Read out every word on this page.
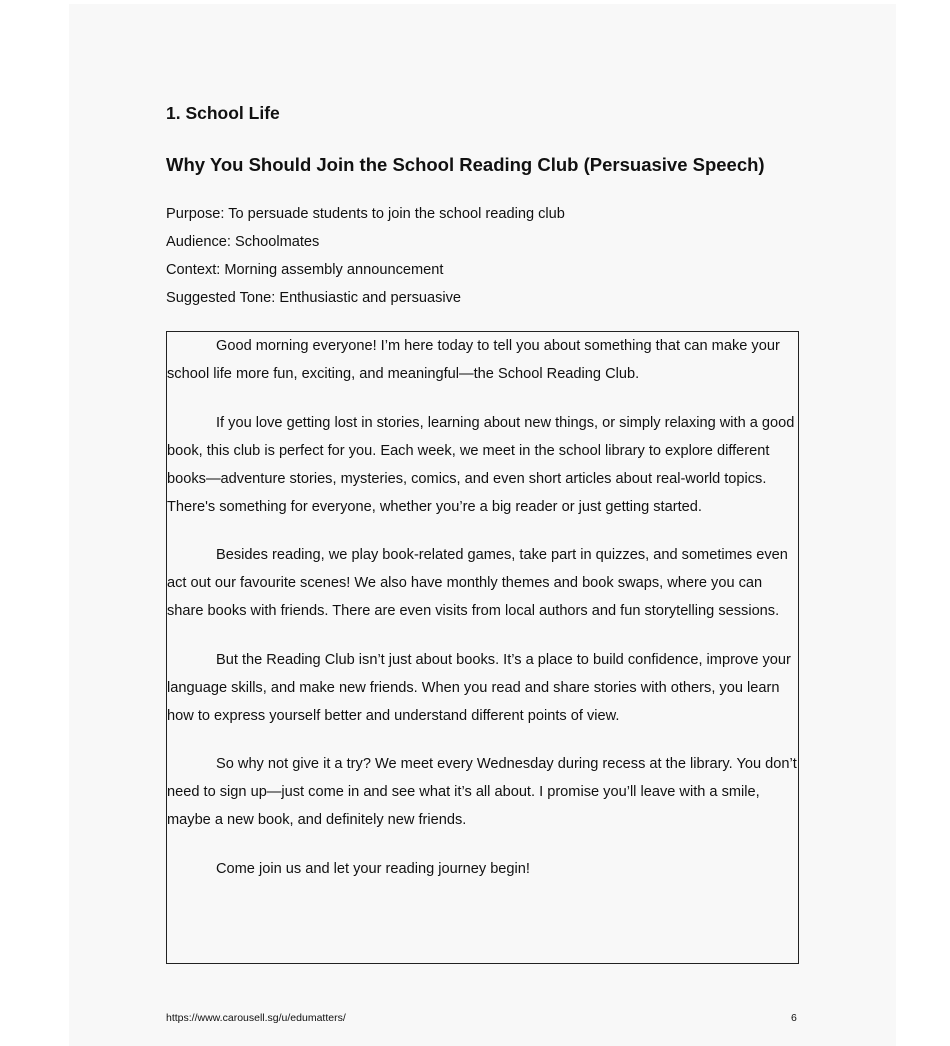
1. School Life
Why You Should Join the School Reading Club (Persuasive Speech)
Purpose: To persuade students to join the school reading club
Audience: Schoolmates
Context: Morning assembly announcement
Suggested Tone: Enthusiastic and persuasive

Good morning everyone! I’m here today to tell you about something that can make your school life more fun, exciting, and meaningful—the School Reading Club.

If you love getting lost in stories, learning about new things, or simply relaxing with a good book, this club is perfect for you. Each week, we meet in the school library to explore different books—adventure stories, mysteries, comics, and even short articles about real-world topics. There's something for everyone, whether you’re a big reader or just getting started.

Besides reading, we play book-related games, take part in quizzes, and sometimes even act out our favourite scenes! We also have monthly themes and book swaps, where you can share books with friends. There are even visits from local authors and fun storytelling sessions.

But the Reading Club isn’t just about books. It’s a place to build confidence, improve your language skills, and make new friends. When you read and share stories with others, you learn how to express yourself better and understand different points of view.

So why not give it a try? We meet every Wednesday during recess at the library. You don’t need to sign up—just come in and see what it’s all about. I promise you’ll leave with a smile, maybe a new book, and definitely new friends.

Come join us and let your reading journey begin!

https://www.carousell.sg/u/edumatters/	6
